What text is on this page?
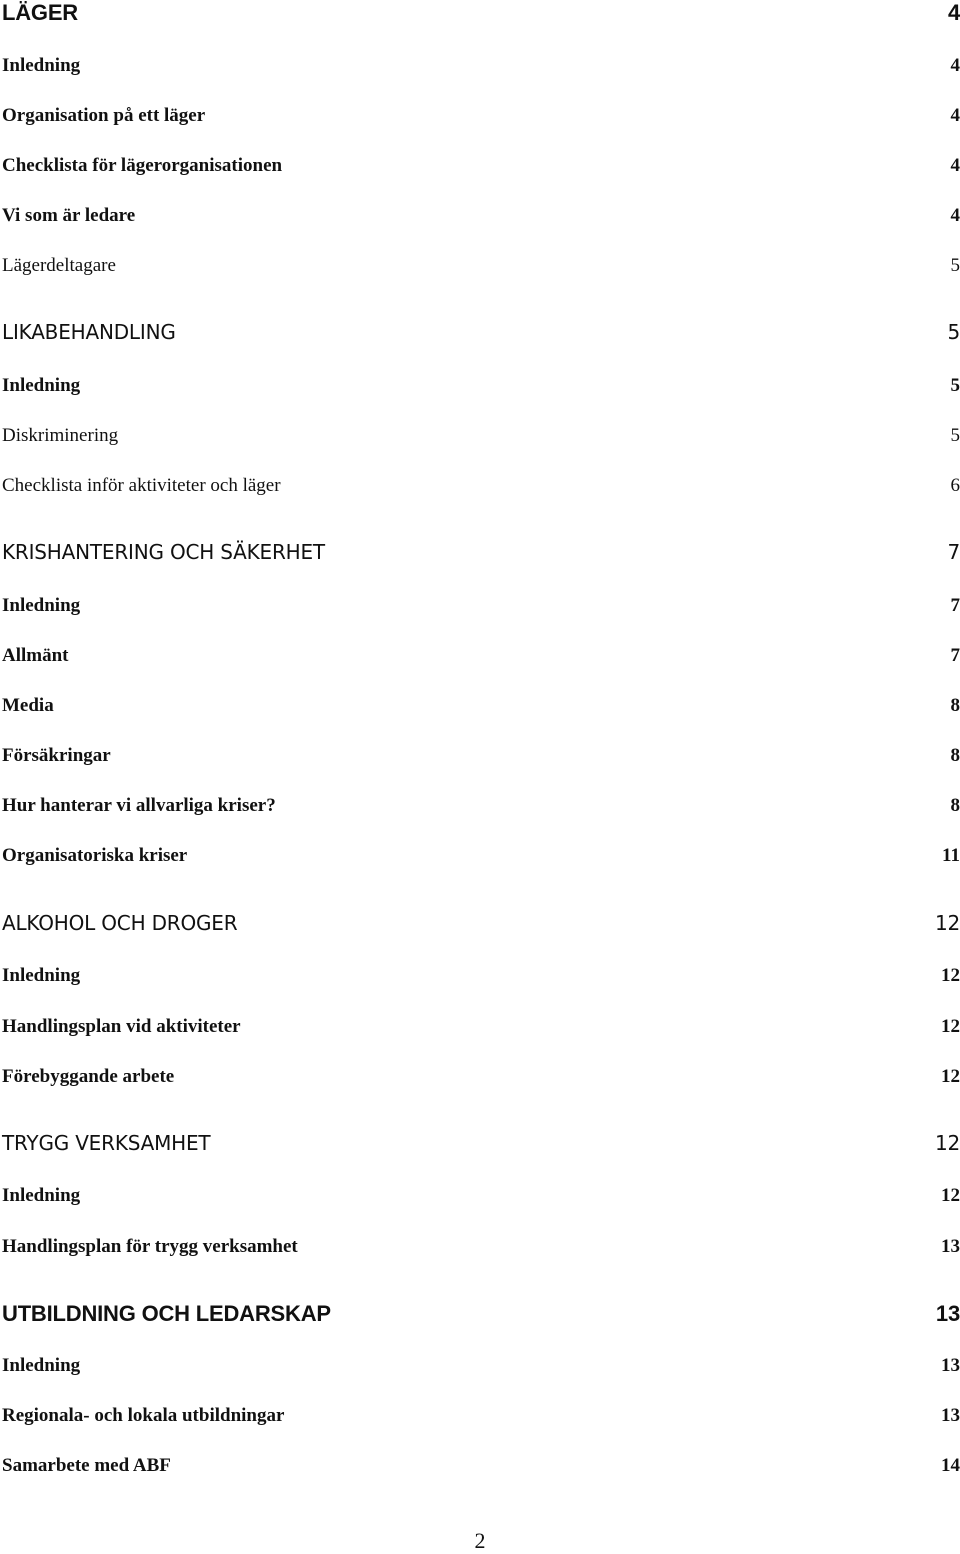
LÄGER	4
Inledning	4
Organisation på ett läger	4
Checklista för lägerorganisationen	4
Vi som är ledare	4
Lägerdeltagare	5
LIKABEHANDLING	5
Inledning	5
Diskriminering	5
Checklista inför aktiviteter och läger	6
KRISHANTERING OCH SÄKERHET	7
Inledning	7
Allmänt	7
Media	8
Försäkringar	8
Hur hanterar vi allvarliga kriser?	8
Organisatoriska kriser	11
ALKOHOL OCH DROGER	12
Inledning	12
Handlingsplan vid aktiviteter	12
Förebyggande arbete	12
TRYGG VERKSAMHET	12
Inledning	12
Handlingsplan för trygg verksamhet	13
UTBILDNING OCH LEDARSKAP	13
Inledning	13
Regionala- och lokala utbildningar	13
Samarbete med ABF	14
2
